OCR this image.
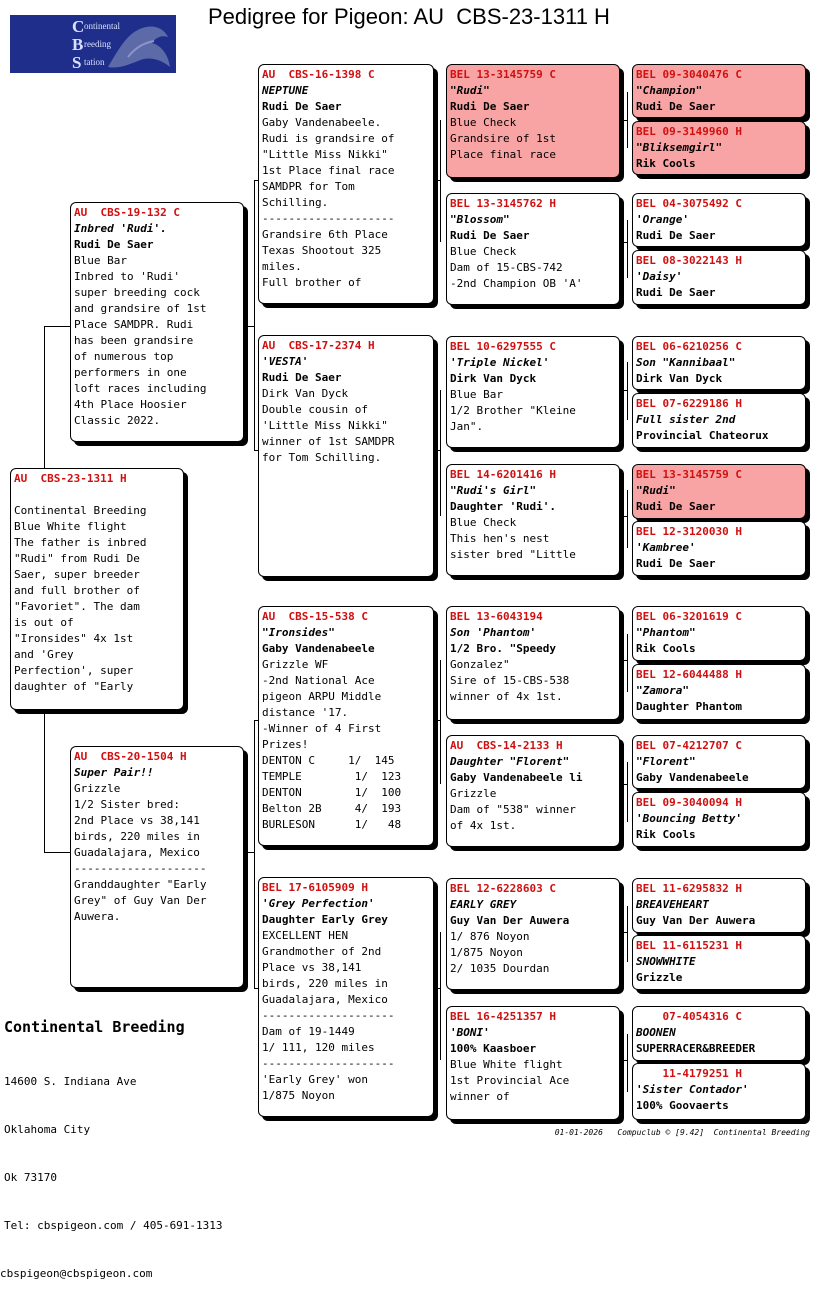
Pedigree for Pigeon: AU  CBS-23-1311 H
C ontinental
B reeding
S tation
AU  CBS-23-1311 H
Continental Breeding
Blue White flight
The father is inbred
"Rudi" from Rudi De
Saer, super breeder
and full brother of
"Favoriet". The dam
is out of
"Ironsides" 4x 1st
and 'Grey
Perfection', super
daughter of "Early
AU  CBS-19-132 C
Inbred 'Rudi'.
Rudi De Saer
Blue Bar
Inbred to 'Rudi'
super breeding cock
and grandsire of 1st
Place SAMDPR. Rudi
has been grandsire
of numerous top
performers in one
loft races including
4th Place Hoosier
Classic 2022.
AU  CBS-20-1504 H
Super Pair!!
Grizzle
1/2 Sister bred:
2nd Place vs 38,141
birds, 220 miles in
Guadalajara, Mexico
--------------------
Granddaughter "Early
Grey" of Guy Van Der
Auwera.
AU  CBS-16-1398 C
NEPTUNE
Rudi De Saer
Gaby Vandenabeele.
Rudi is grandsire of
"Little Miss Nikki"
1st Place final race
SAMDPR for Tom
Schilling.
--------------------
Grandsire 6th Place
Texas Shootout 325
miles.
Full brother of
AU  CBS-17-2374 H
'VESTA'
Rudi De Saer
Dirk Van Dyck
Double cousin of
'Little Miss Nikki"
winner of 1st SAMDPR
for Tom Schilling.
AU  CBS-15-538 C
"Ironsides"
Gaby Vandenabeele
Grizzle WF
-2nd National Ace
pigeon ARPU Middle
distance '17.
-Winner of 4 First
Prizes!
DENTON C     1/  145
TEMPLE        1/  123
DENTON        1/  100
Belton 2B     4/  193
BURLESON      1/   48
BEL 17-6105909 H
'Grey Perfection'
Daughter Early Grey
EXCELLENT HEN
Grandmother of 2nd
Place vs 38,141
birds, 220 miles in
Guadalajara, Mexico
--------------------
Dam of 19-1449
1/ 111, 120 miles
--------------------
'Early Grey' won
1/875 Noyon
BEL 13-3145759 C
"Rudi"
Rudi De Saer
Blue Check
Grandsire of 1st
Place final race
BEL 13-3145762 H
"Blossom"
Rudi De Saer
Blue Check
Dam of 15-CBS-742
-2nd Champion OB 'A'
BEL 10-6297555 C
'Triple Nickel'
Dirk Van Dyck
Blue Bar
1/2 Brother "Kleine
Jan".
BEL 14-6201416 H
"Rudi's Girl"
Daughter 'Rudi'.
Blue Check
This hen's nest
sister bred "Little
BEL 13-6043194
Son 'Phantom'
1/2 Bro. "Speedy
Gonzalez"
Sire of 15-CBS-538
winner of 4x 1st.
AU  CBS-14-2133 H
Daughter "Florent"
Gaby Vandenabeele li
Grizzle
Dam of "538" winner
of 4x 1st.
BEL 12-6228603 C
EARLY GREY
Guy Van Der Auwera
1/ 876 Noyon
1/875 Noyon
2/ 1035 Dourdan
BEL 16-4251357 H
'BONI'
100% Kaasboer
Blue White flight
1st Provincial Ace
winner of
BEL 09-3040476 C
"Champion"
Rudi De Saer
BEL 09-3149960 H
"Bliksemgirl"
Rik Cools
BEL 04-3075492 C
'Orange'
Rudi De Saer
BEL 08-3022143 H
'Daisy'
Rudi De Saer
BEL 06-6210256 C
Son "Kannibaal"
Dirk Van Dyck
BEL 07-6229186 H
Full sister 2nd
Provincial Chateorux
BEL 13-3145759 C
"Rudi"
Rudi De Saer
BEL 12-3120030 H
'Kambree'
Rudi De Saer
BEL 06-3201619 C
"Phantom"
Rik Cools
BEL 12-6044488 H
"Zamora"
Daughter Phantom
BEL 07-4212707 C
"Florent"
Gaby Vandenabeele
BEL 09-3040094 H
'Bouncing Betty'
Rik Cools
BEL 11-6295832 H
BREAVEHEART
Guy Van Der Auwera
BEL 11-6115231 H
SNOWWHITE
Grizzle
07-4054316 C
BOONEN
SUPERRACER&BREEDER
11-4179251 H
'Sister Contador'
100% Goovaerts
Continental Breeding

14600 S. Indiana Ave

Oklahoma City

Ok 73170

Tel: cbspigeon.com / 405-691-1313

cbspigeon@cbspigeon.com

01-01-2026   Compuclub © [9.42]  Continental Breeding
